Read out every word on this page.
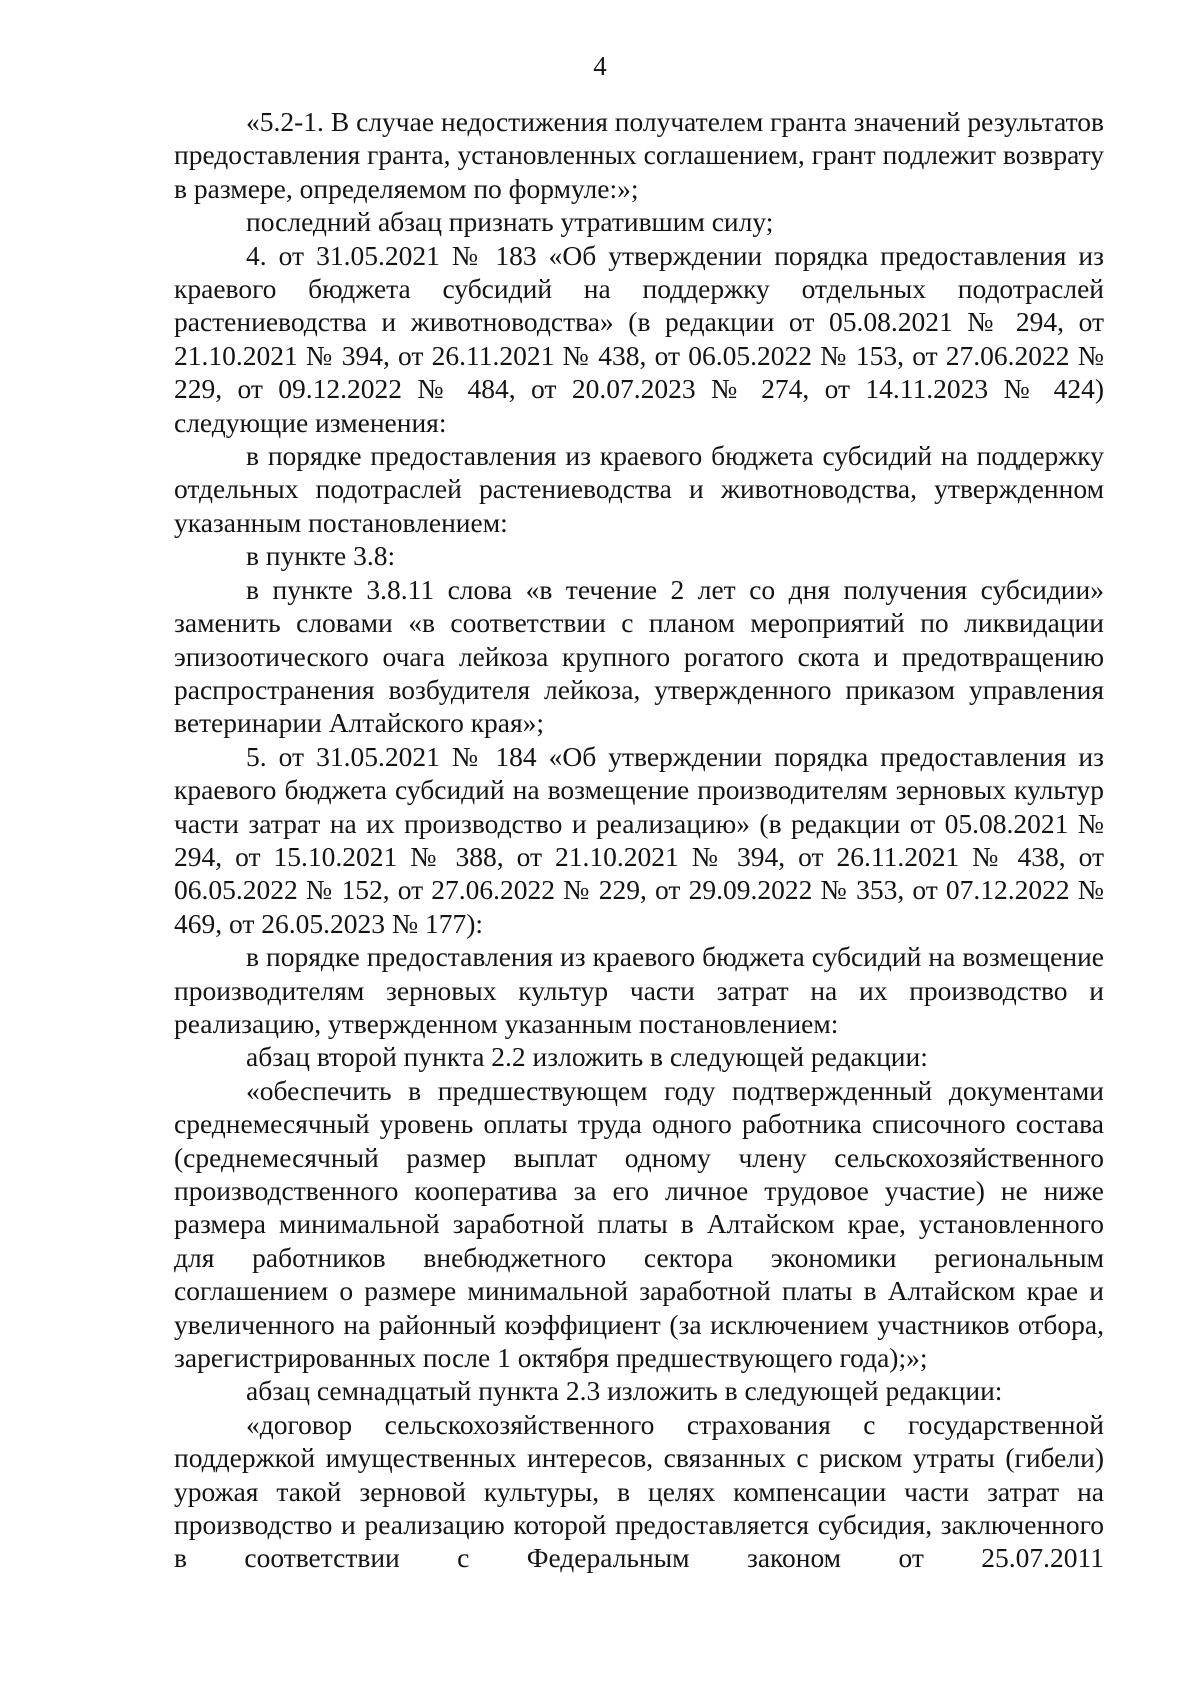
4

«5.2-1. В случае недостижения получателем гранта значений результатов предоставления гранта, установленных соглашением, грант подлежит возврату в размере, определяемом по формуле:»;

последний абзац признать утратившим силу;

4. от 31.05.2021 № 183 «Об утверждении порядка предоставления из краевого бюджета субсидий на поддержку отдельных подотраслей растениеводства и животноводства» (в редакции от 05.08.2021 № 294, от 21.10.2021 № 394, от 26.11.2021 № 438, от 06.05.2022 № 153, от 27.06.2022 № 229, от 09.12.2022 № 484, от 20.07.2023 № 274, от 14.11.2023 № 424) следующие изменения:

в порядке предоставления из краевого бюджета субсидий на поддержку отдельных подотраслей растениеводства и животноводства, утвержденном указанным постановлением:

в пункте 3.8:

в пункте 3.8.11 слова «в течение 2 лет со дня получения субсидии» заменить словами «в соответствии с планом мероприятий по ликвидации эпизоотического очага лейкоза крупного рогатого скота и предотвращению распространения возбудителя лейкоза, утвержденного приказом управления ветеринарии Алтайского края»;

5. от 31.05.2021 № 184 «Об утверждении порядка предоставления из краевого бюджета субсидий на возмещение производителям зерновых культур части затрат на их производство и реализацию» (в редакции от 05.08.2021 № 294, от 15.10.2021 № 388, от 21.10.2021 № 394, от 26.11.2021 № 438, от 06.05.2022 № 152, от 27.06.2022 № 229, от 29.09.2022 № 353, от 07.12.2022 № 469, от 26.05.2023 № 177):

в порядке предоставления из краевого бюджета субсидий на возмещение производителям зерновых культур части затрат на их производство и реализацию, утвержденном указанным постановлением:

абзац второй пункта 2.2 изложить в следующей редакции:

«обеспечить в предшествующем году подтвержденный документами среднемесячный уровень оплаты труда одного работника списочного состава (среднемесячный размер выплат одному члену сельскохозяйственного производственного кооператива за его личное трудовое участие) не ниже размера минимальной заработной платы в Алтайском крае, установленного для работников внебюджетного сектора экономики региональным соглашением о размере минимальной заработной платы в Алтайском крае и увеличенного на районный коэффициент (за исключением участников отбора, зарегистрированных после 1 октября предшествующего года);»;

абзац семнадцатый пункта 2.3 изложить в следующей редакции:

«договор сельскохозяйственного страхования с государственной поддержкой имущественных интересов, связанных с риском утраты (гибели) урожая такой зерновой культуры, в целях компенсации части затрат на производство и реализацию которой предоставляется субсидия, заключенного в соответствии с Федеральным законом от 25.07.2011
